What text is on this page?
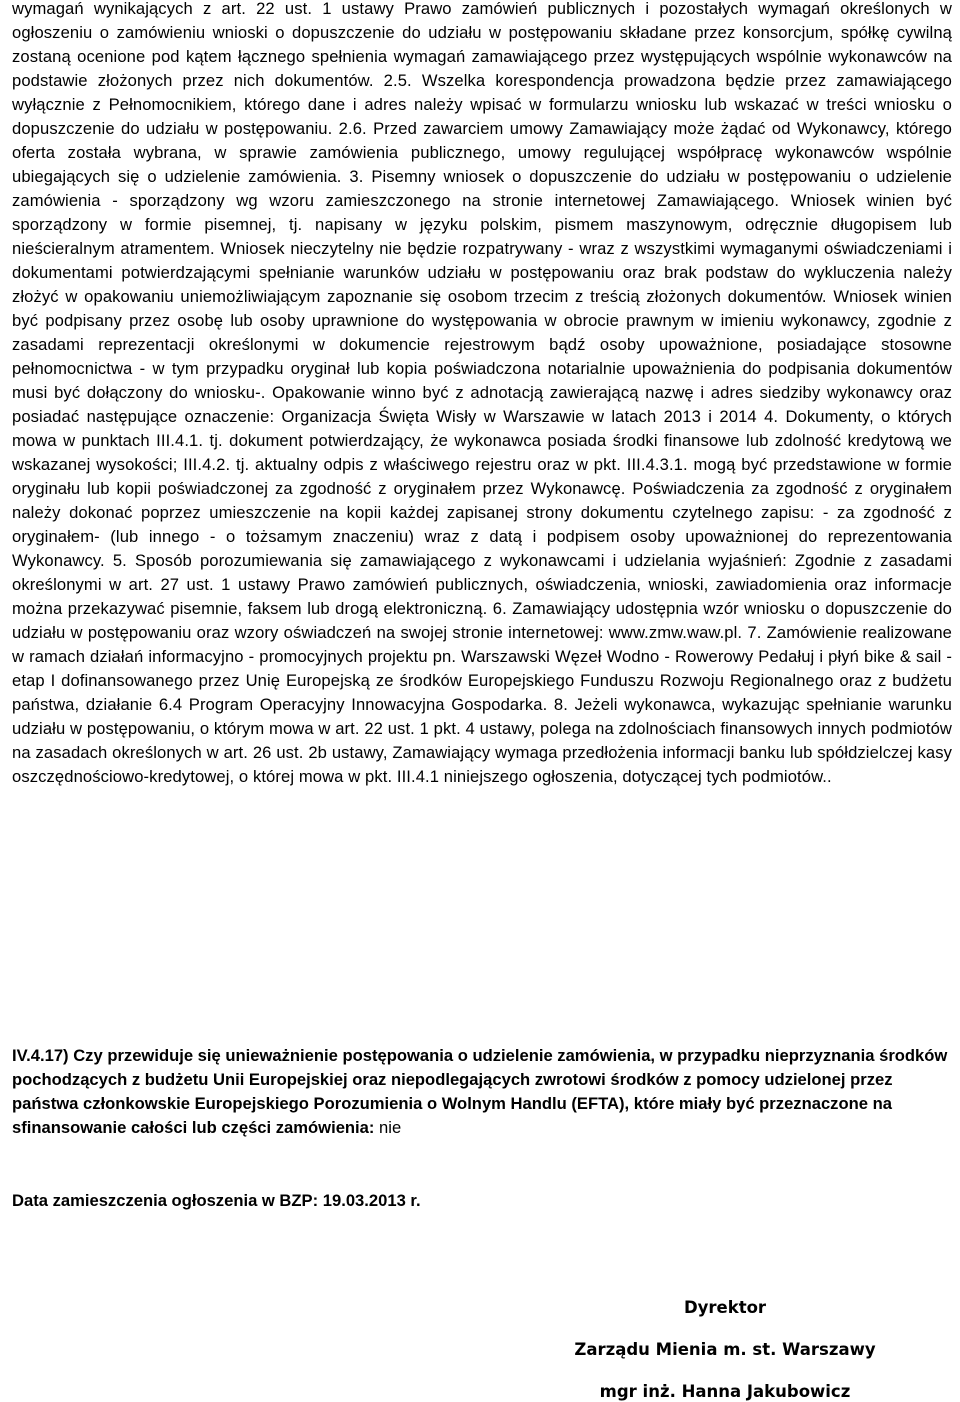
wymagań wynikających z art. 22 ust. 1 ustawy Prawo zamówień publicznych i pozostałych wymagań określonych w ogłoszeniu o zamówieniu wnioski o dopuszczenie do udziału w postępowaniu składane przez konsorcjum, spółkę cywilną zostaną ocenione pod kątem łącznego spełnienia wymagań zamawiającego przez występujących wspólnie wykonawców na podstawie złożonych przez nich dokumentów. 2.5. Wszelka korespondencja prowadzona będzie przez zamawiającego wyłącznie z Pełnomocnikiem, którego dane i adres należy wpisać w formularzu wniosku lub wskazać w treści wniosku o dopuszczenie do udziału w postępowaniu. 2.6. Przed zawarciem umowy Zamawiający może żądać od Wykonawcy, którego oferta została wybrana, w sprawie zamówienia publicznego, umowy regulującej współpracę wykonawców wspólnie ubiegających się o udzielenie zamówienia. 3. Pisemny wniosek o dopuszczenie do udziału w postępowaniu o udzielenie zamówienia - sporządzony wg wzoru zamieszczonego na stronie internetowej Zamawiającego. Wniosek winien być sporządzony w formie pisemnej, tj. napisany w języku polskim, pismem maszynowym, odręcznie długopisem lub nieścieralnym atramentem. Wniosek nieczytelny nie będzie rozpatrywany - wraz z wszystkimi wymaganymi oświadczeniami i dokumentami potwierdzającymi spełnianie warunków udziału w postępowaniu oraz brak podstaw do wykluczenia należy złożyć w opakowaniu uniemożliwiającym zapoznanie się osobom trzecim z treścią złożonych dokumentów. Wniosek winien być podpisany przez osobę lub osoby uprawnione do występowania w obrocie prawnym w imieniu wykonawcy, zgodnie z zasadami reprezentacji określonymi w dokumencie rejestrowym bądź osoby upoważnione, posiadające stosowne pełnomocnictwa - w tym przypadku oryginał lub kopia poświadczona notarialnie upoważnienia do podpisania dokumentów musi być dołączony do wniosku-. Opakowanie winno być z adnotacją zawierającą nazwę i adres siedziby wykonawcy oraz posiadać następujące oznaczenie: Organizacja Święta Wisły w Warszawie w latach 2013 i 2014 4. Dokumenty, o których mowa w punktach III.4.1. tj. dokument potwierdzający, że wykonawca posiada środki finansowe lub zdolność kredytową we wskazanej wysokości; III.4.2. tj. aktualny odpis z właściwego rejestru oraz w pkt. III.4.3.1. mogą być przedstawione w formie oryginału lub kopii poświadczonej za zgodność z oryginałem przez Wykonawcę. Poświadczenia za zgodność z oryginałem należy dokonać poprzez umieszczenie na kopii każdej zapisanej strony dokumentu czytelnego zapisu: - za zgodność z oryginałem- (lub innego - o tożsamym znaczeniu) wraz z datą i podpisem osoby upoważnionej do reprezentowania Wykonawcy. 5. Sposób porozumiewania się zamawiającego z wykonawcami i udzielania wyjaśnień: Zgodnie z zasadami określonymi w art. 27 ust. 1 ustawy Prawo zamówień publicznych, oświadczenia, wnioski, zawiadomienia oraz informacje można przekazywać pisemnie, faksem lub drogą elektroniczną. 6. Zamawiający udostępnia wzór wniosku o dopuszczenie do udziału w postępowaniu oraz wzory oświadczeń na swojej stronie internetowej: www.zmw.waw.pl. 7. Zamówienie realizowane w ramach działań informacyjno - promocyjnych projektu pn. Warszawski Węzeł Wodno - Rowerowy Pedałuj i płyń bike & sail - etap I dofinansowanego przez Unię Europejską ze środków Europejskiego Funduszu Rozwoju Regionalnego oraz z budżetu państwa, działanie 6.4 Program Operacyjny Innowacyjna Gospodarka. 8. Jeżeli wykonawca, wykazując spełnianie warunku udziału w postępowaniu, o którym mowa w art. 22 ust. 1 pkt. 4 ustawy, polega na zdolnościach finansowych innych podmiotów na zasadach określonych w art. 26 ust. 2b ustawy, Zamawiający wymaga przedłożenia informacji banku lub spółdzielczej kasy oszczędnościowo-kredytowej, o której mowa w pkt. III.4.1 niniejszego ogłoszenia, dotyczącej tych podmiotów..

IV.4.17) Czy przewiduje się unieważnienie postępowania o udzielenie zamówienia, w przypadku nieprzyznania środków pochodzących z budżetu Unii Europejskiej oraz niepodlegających zwrotowi środków z pomocy udzielonej przez państwa członkowskie Europejskiego Porozumienia o Wolnym Handlu (EFTA), które miały być przeznaczone na sfinansowanie całości lub części zamówienia: nie

Data zamieszczenia ogłoszenia w BZP: 19.03.2013 r.

Dyrektor
Zarządu Mienia m. st. Warszawy
mgr inż. Hanna Jakubowicz
